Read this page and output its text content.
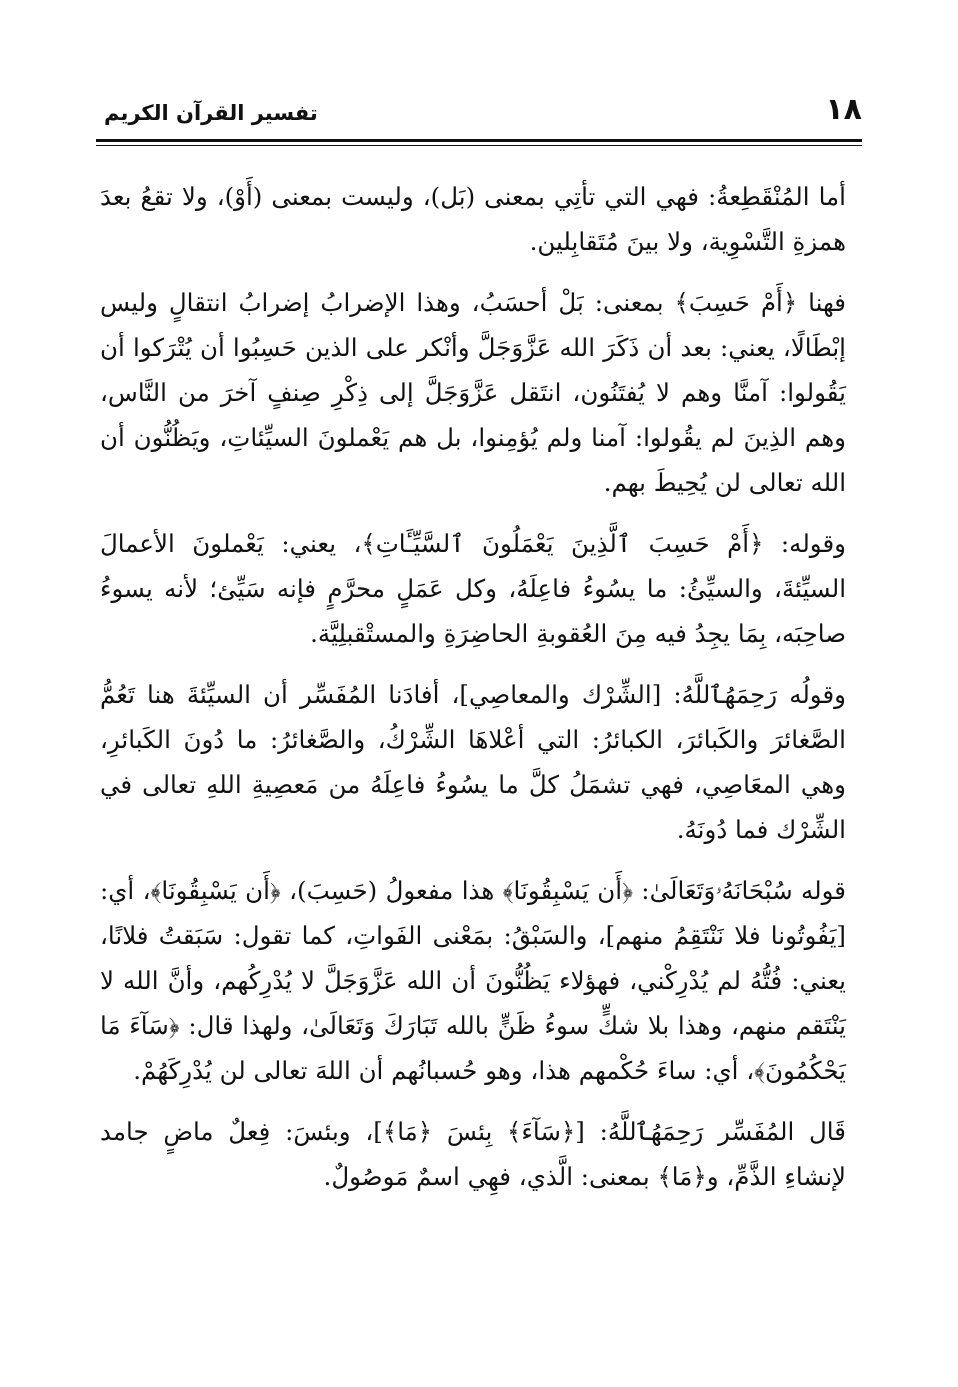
١٨
تفسير القرآن الكريم

أما المُنْقَطِعةُ: فهي التي تأتِي بمعنى (بَل)، وليست بمعنى (أَوْ)، ولا تقعُ بعدَ همزةِ التَّسْوِية، ولا بينَ مُتَقابِلين.

فهنا ﴿أَمْ حَسِبَ﴾ بمعنى: بَلْ أحسَبُ، وهذا الإضرابُ إضرابُ انتقالٍ وليس إبْطَالًا، يعني: بعد أن ذَكَرَ الله عَزَّوَجَلَّ وأنْكر على الذين حَسِبُوا أن يُتْرَكوا أن يَقُولوا: آمنَّا وهم لا يُفتَنُون، انتَقل عَزَّوَجَلَّ إلى ذِكْرِ صِنفٍ آخرَ من النَّاس، وهم الذِينَ لم يقُولوا: آمنا ولم يُؤمِنوا، بل هم يَعْملونَ السيِّئاتِ، ويَظُنُّون أن الله تعالى لن يُحِيطَ بهم.

وقوله: ﴿أَمْ حَسِبَ ٱلَّذِينَ يَعْمَلُونَ ٱلسَّيِّـَٔاتِ﴾، يعني: يَعْملونَ الأعمالَ السيِّئةَ، والسيِّئُ: ما يسُوءُ فاعِلَهُ، وكل عَمَلٍ محرَّمٍ فإنه سَيِّئ؛ لأنه يسوءُ صاحِبَه، بِمَا يجِدُ فيه مِنَ العُقوبةِ الحاضِرَةِ والمستْقبلِيَّة.

وقولُه رَحِمَهُٱللَّهُ: [الشِّرْك والمعاصِي]، أفادَنا المُفَسِّر أن السيِّئةَ هنا تَعُمُّ الصَّغائرَ والكَبائرَ، الكبائرُ: التي أعْلاهَا الشِّرْكُ، والصَّغائرُ: ما دُونَ الكَبائرِ، وهي المعَاصِي، فهي تشمَلُ كلَّ ما يسُوءُ فاعِلَهُ من مَعصِيةِ اللهِ تعالى في الشِّرْك فما دُونَهُ.

قوله سُبْحَانَهُۥوَتَعَالَىٰ: ﴿أَن يَسْبِقُونَا﴾ هذا مفعولُ (حَسِبَ)، ﴿أَن يَسْبِقُونَا﴾، أي: [يَفُوتُونا فلا نَنْتَقِمُ منهم]، والسَبْقُ: بمَعْنى الفَواتِ، كما تقول: سَبَقتُ فلانًا، يعني: فُتُّهُ لم يُدْرِكْني، فهؤلاء يَظُنُّونَ أن الله عَزَّوَجَلَّ لا يُدْرِكُهم، وأنَّ الله لا يَنْتَقم منهم، وهذا بلا شكٍّ سوءُ ظَنٍّ بالله تَبَارَكَ وَتَعَالَىٰ، ولهذا قال: ﴿سَآءَ مَا يَحْكُمُونَ﴾، أي: ساءَ حُكْمهم هذا، وهو حُسبانُهم أن اللهَ تعالى لن يُدْرِكَهُمْ.

قَال المُفَسِّر رَحِمَهُٱللَّهُ: [﴿سَآءَ﴾ بِئسَ ﴿مَا﴾]، وبئسَ: فِعلٌ ماضٍ جامد لإنشاءِ الذَّمِّ، و﴿مَا﴾ بمعنى: الَّذي، فهِي اسمٌ مَوصُولٌ.
